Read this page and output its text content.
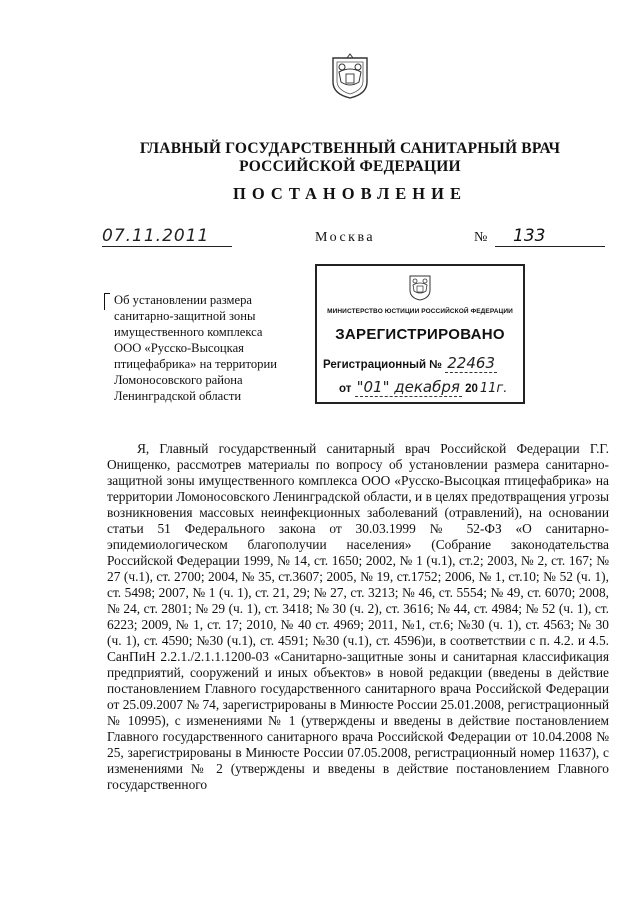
ГЛАВНЫЙ ГОСУДАРСТВЕННЫЙ САНИТАРНЫЙ ВРАЧ
РОССИЙСКОЙ ФЕДЕРАЦИИ
ПОСТАНОВЛЕНИЕ
07.11.2011	Москва	№	133
Об установлении размера
санитарно-защитной зоны
имущественного комплекса
ООО «Русско-Высоцкая
птицефабрика» на территории
Ломоносовского района
Ленинградской области
МИНИСТЕРСТВО ЮСТИЦИИ РОССИЙСКОЙ ФЕДЕРАЦИИ
ЗАРЕГИСТРИРОВАНО
Регистрационный № 22463
от "01" декабря 20 11г.

Я, Главный государственный санитарный врач Российской Федерации Г.Г. Онищенко, рассмотрев материалы по вопросу об установлении размера санитарно-защитной зоны имущественного комплекса ООО «Русско-Высоцкая птицефабрика» на территории Ломоносовского Ленинградской области, и в целях предотвращения угрозы возникновения массовых неинфекционных заболеваний (отравлений), на основании статьи 51 Федерального закона от 30.03.1999 № 52-ФЗ «О санитарно-эпидемиологическом благополучии населения» (Собрание законодательства Российской Федерации 1999, № 14, ст. 1650; 2002, № 1 (ч.1), ст.2; 2003, № 2, ст. 167; № 27 (ч.1), ст. 2700; 2004, № 35, ст.3607; 2005, № 19, ст.1752; 2006, № 1, ст.10; № 52 (ч. 1), ст. 5498; 2007, № 1 (ч. 1), ст. 21, 29; № 27, ст. 3213; № 46, ст. 5554; № 49, ст. 6070; 2008, № 24, ст. 2801; № 29 (ч. 1), ст. 3418; № 30 (ч. 2), ст. 3616; № 44, ст. 4984; № 52 (ч. 1), ст. 6223; 2009, № 1, ст. 17; 2010, № 40 ст. 4969; 2011, №1, ст.6; №30 (ч. 1), ст. 4563; № 30 (ч. 1), ст. 4590; №30 (ч.1), ст. 4591; №30 (ч.1), ст. 4596)и, в соответствии с п. 4.2. и 4.5. СанПиН 2.2.1./2.1.1.1200-03 «Санитарно-защитные зоны и санитарная классификация предприятий, сооружений и иных объектов» в новой редакции (введены в действие постановлением Главного государственного санитарного врача Российской Федерации от 25.09.2007 № 74, зарегистрированы в Минюсте России 25.01.2008, регистрационный № 10995), с изменениями № 1 (утверждены и введены в действие постановлением Главного государственного санитарного врача Российской Федерации от 10.04.2008 № 25, зарегистрированы в Минюсте России 07.05.2008, регистрационный номер 11637), с изменениями № 2 (утверждены и введены в действие постановлением Главного государственного
